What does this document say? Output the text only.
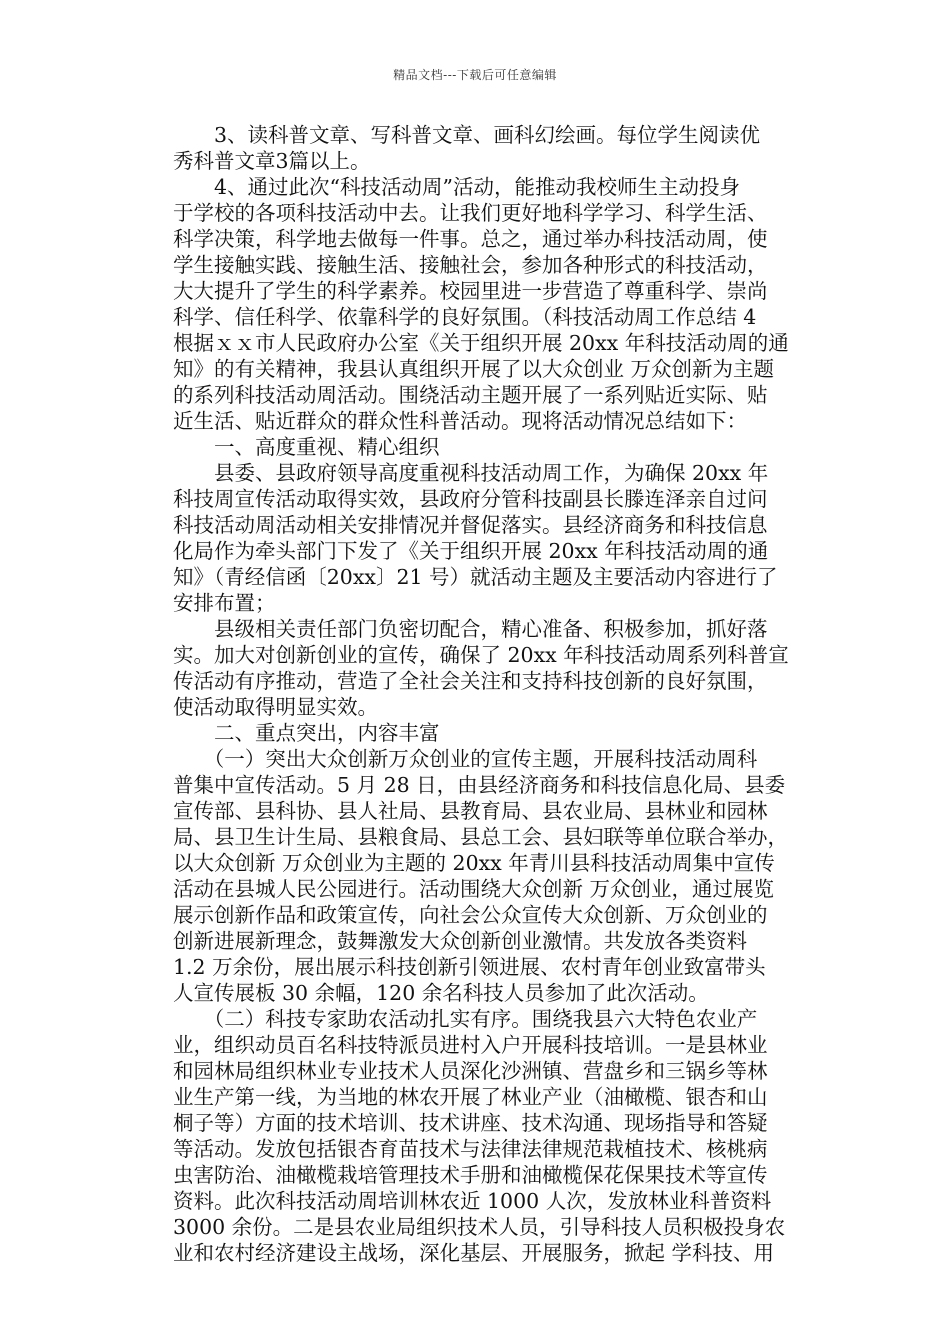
精品文档---下载后可任意编辑
　　3、读科普文章、写科普文章、画科幻绘画。每位学生阅读优
秀科普文章3篇以上。
　　4、通过此次“科技活动周”活动，能推动我校师生主动投身
于学校的各项科技活动中去。让我们更好地科学学习、科学生活、
科学决策，科学地去做每一件事。总之，通过举办科技活动周，使
学生接触实践、接触生活、接触社会，参加各种形式的科技活动，
大大提升了学生的科学素养。校园里进一步营造了尊重科学、崇尚
科学、信任科学、依靠科学的良好氛围。（科技活动周工作总结 4
根据ｘｘ市人民政府办公室《关于组织开展 20xx 年科技活动周的通
知》的有关精神，我县认真组织开展了以大众创业 万众创新为主题
的系列科技活动周活动。围绕活动主题开展了一系列贴近实际、贴
近生活、贴近群众的群众性科普活动。现将活动情况总结如下：
　　一、高度重视、精心组织
　　县委、县政府领导高度重视科技活动周工作，为确保 20xx 年
科技周宣传活动取得实效，县政府分管科技副县长滕连泽亲自过问
科技活动周活动相关安排情况并督促落实。县经济商务和科技信息
化局作为牵头部门下发了《关于组织开展 20xx 年科技活动周的通
知》（青经信函〔20xx〕21 号）就活动主题及主要活动内容进行了
安排布置；
　　县级相关责任部门负密切配合，精心准备、积极参加，抓好落
实。加大对创新创业的宣传，确保了 20xx 年科技活动周系列科普宣
传活动有序推动，营造了全社会关注和支持科技创新的良好氛围，
使活动取得明显实效。
　　二、重点突出，内容丰富
　　（一）突出大众创新万众创业的宣传主题，开展科技活动周科
普集中宣传活动。5 月 28 日，由县经济商务和科技信息化局、县委
宣传部、县科协、县人社局、县教育局、县农业局、县林业和园林
局、县卫生计生局、县粮食局、县总工会、县妇联等单位联合举办，
以大众创新 万众创业为主题的 20xx 年青川县科技活动周集中宣传
活动在县城人民公园进行。活动围绕大众创新 万众创业，通过展览
展示创新作品和政策宣传，向社会公众宣传大众创新、万众创业的
创新进展新理念，鼓舞激发大众创新创业激情。共发放各类资料
1.2 万余份，展出展示科技创新引领进展、农村青年创业致富带头
人宣传展板 30 余幅，120 余名科技人员参加了此次活动。
　　（二）科技专家助农活动扎实有序。围绕我县六大特色农业产
业，组织动员百名科技特派员进村入户开展科技培训。一是县林业
和园林局组织林业专业技术人员深化沙洲镇、营盘乡和三锅乡等林
业生产第一线，为当地的林农开展了林业产业（油橄榄、银杏和山
桐子等）方面的技术培训、技术讲座、技术沟通、现场指导和答疑
等活动。发放包括银杏育苗技术与法律法律规范栽植技术、核桃病
虫害防治、油橄榄栽培管理技术手册和油橄榄保花保果技术等宣传
资料。此次科技活动周培训林农近 1000 人次，发放林业科普资料
3000 余份。二是县农业局组织技术人员，引导科技人员积极投身农
业和农村经济建设主战场，深化基层、开展服务，掀起 学科技、用
